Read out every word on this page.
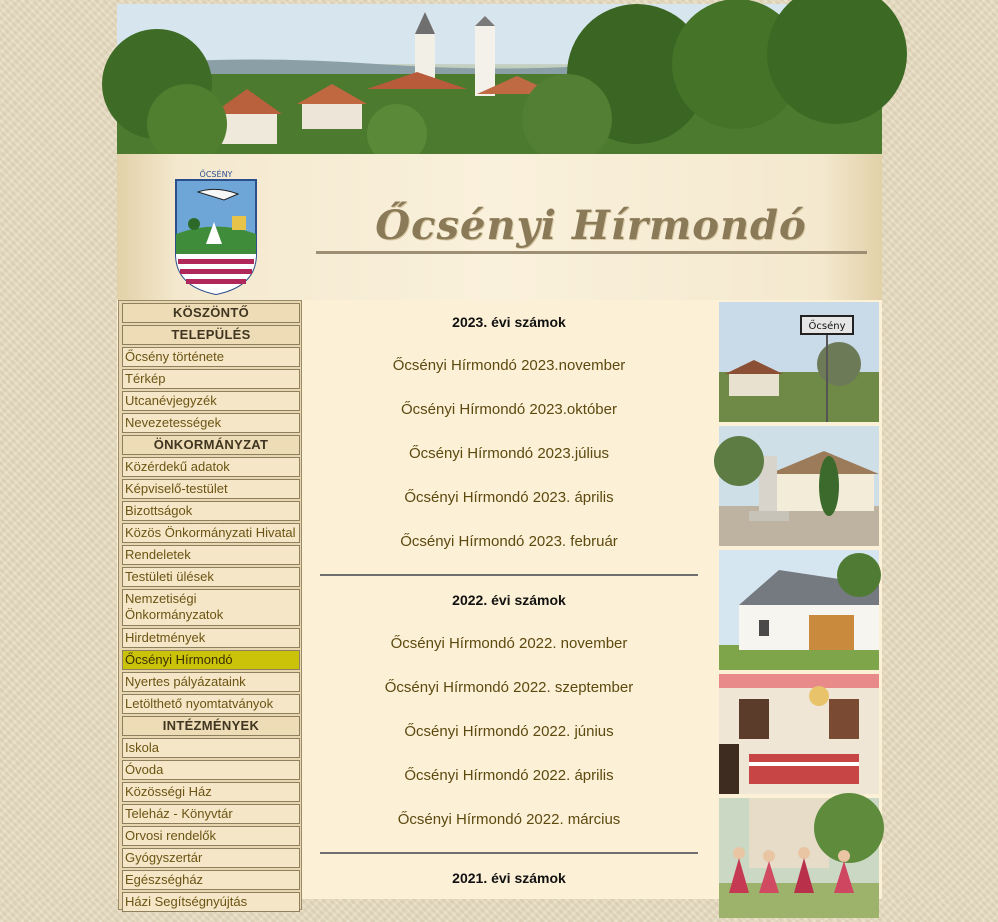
ŐCSÉNY
Őcsényi Hírmondó
KÖSZÖNTŐ
TELEPÜLÉS
Őcsény története
Térkép
Utcanévjegyzék
Nevezetességek
ÖNKORMÁNYZAT
Közérdekű adatok
Képviselő-testület
Bizottságok
Közös Önkormányzati Hivatal
Rendeletek
Testületi ülések
Nemzetiségi Önkormányzatok
Hirdetmények
Őcsényi Hírmondó
Nyertes pályázataink
Letölthető nyomtatványok
INTÉZMÉNYEK
Iskola
Óvoda
Közösségi Ház
Teleház - Könyvtár
Orvosi rendelők
Gyógyszertár
Egészségház
Házi Segítségnyújtás
2023. évi számok
Őcsényi Hírmondó 2023.november
Őcsényi Hírmondó 2023.október
Őcsényi Hírmondó 2023.július
Őcsényi Hírmondó 2023. április
Őcsényi Hírmondó 2023. február
2022. évi számok
Őcsényi Hírmondó 2022. november
Őcsényi Hírmondó 2022. szeptember
Őcsényi Hírmondó 2022. június
Őcsényi Hírmondó 2022. április
Őcsényi Hírmondó 2022. március
2021. évi számok
Őcsény
